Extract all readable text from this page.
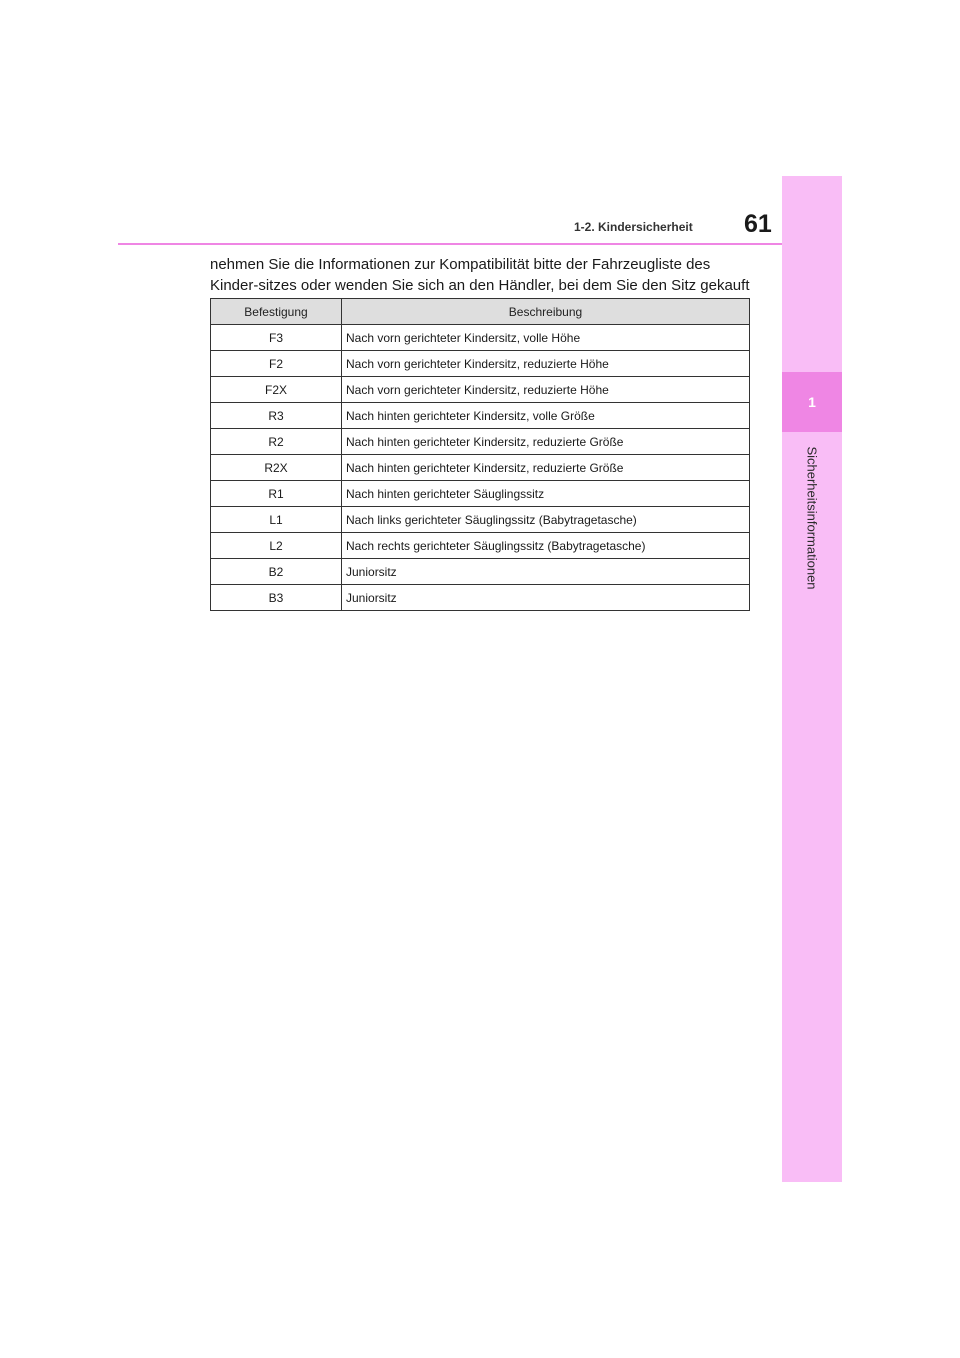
1
Sicherheitsinformationen
1-2. Kindersicherheit 61

nehmen Sie die Informationen zur Kompatibilität bitte der Fahrzeugliste des Kinder-sitzes oder wenden Sie sich an den Händler, bei dem Sie den Sitz gekauft

Befestigung	Beschreibung
F3	Nach vorn gerichteter Kindersitz, volle Höhe
F2	Nach vorn gerichteter Kindersitz, reduzierte Höhe
F2X	Nach vorn gerichteter Kindersitz, reduzierte Höhe
R3	Nach hinten gerichteter Kindersitz, volle Größe
R2	Nach hinten gerichteter Kindersitz, reduzierte Größe
R2X	Nach hinten gerichteter Kindersitz, reduzierte Größe
R1	Nach hinten gerichteter Säuglingssitz
L1	Nach links gerichteter Säuglingssitz (Babytragetasche)
L2	Nach rechts gerichteter Säuglingssitz (Babytragetasche)
B2	Juniorsitz
B3	Juniorsitz
